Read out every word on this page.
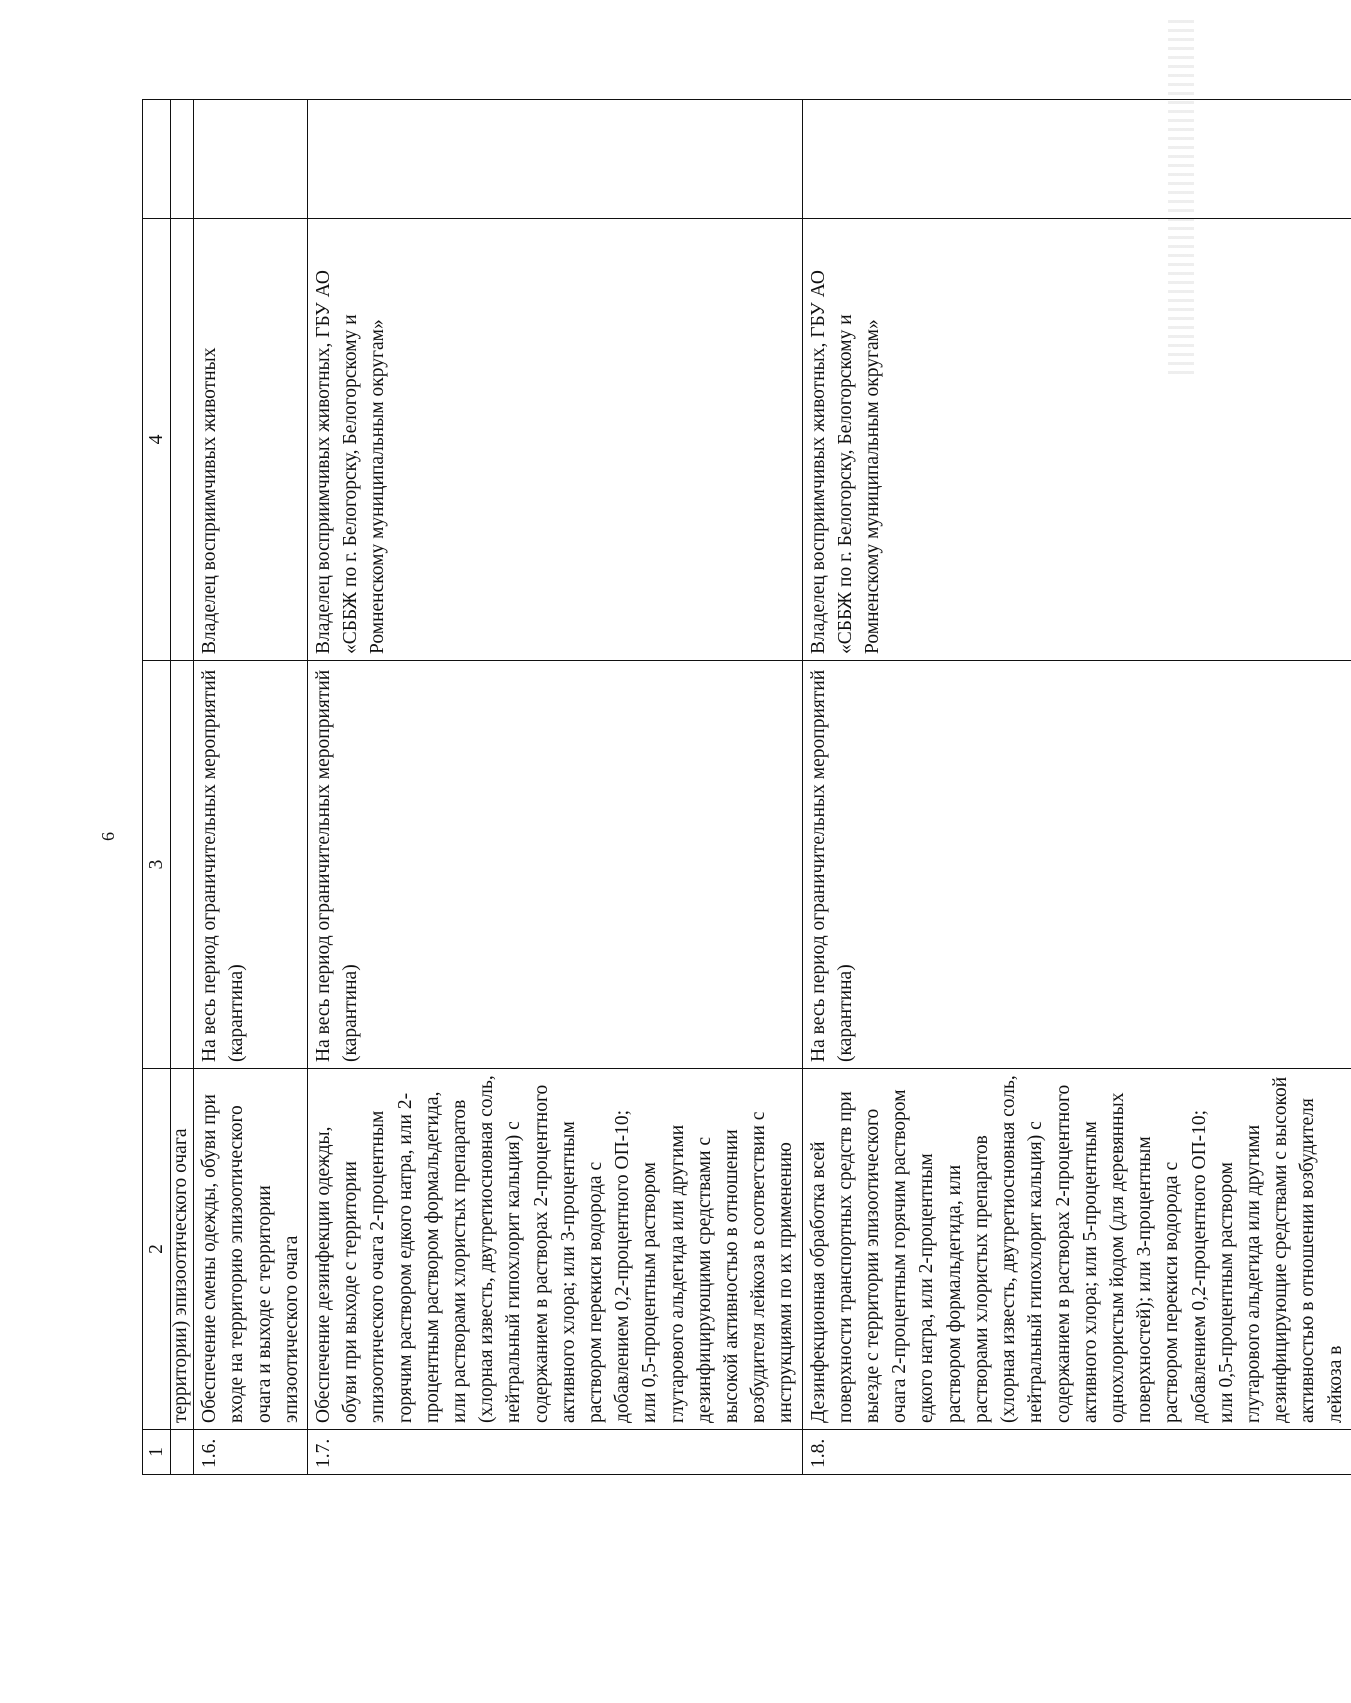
6
1	2	3	4	
	территории) эпизоотического очага			
1.6.	Обеспечение смены одежды, обуви при входе на территорию эпизоотического очага и выходе с территории эпизоотического очага	На весь период ограничительных мероприятий (карантина)	Владелец восприимчивых животных	
1.7.	Обеспечение дезинфекции одежды, обуви при выходе с территории эпизоотического очага 2-процентным горячим раствором едкого натра, или 2-процентным раствором формальдегида, или растворами хлористых препаратов (хлорная известь, двутретиосновная соль, нейтральный гипохлорит кальция) с содержанием в растворах 2-процентного активного хлора; или 3-процентным раствором перекиси водорода с добавлением 0,2-процентного ОП-10; или 0,5-процентным раствором глутарового альдегида или другими дезинфицирующими средствами с высокой активностью в отношении возбудителя лейкоза в соответствии с инструкциями по их применению	На весь период ограничительных мероприятий (карантина)	Владелец восприимчивых животных, ГБУ АО «СББЖ по г. Белогорску, Белогорскому и Ромненскому муниципальным округам»	
1.8.	Дезинфекционная обработка всей поверхности транспортных средств при выезде с территории эпизоотического очага 2-процентным горячим раствором едкого натра, или 2-процентным раствором формальдегида, или растворами хлористых препаратов (хлорная известь, двутретиосновная соль, нейтральный гипохлорит кальция) с содержанием в растворах 2-процентного активного хлора; или 5-процентным однохлористым йодом (для деревянных поверхностей); или 3-процентным раствором перекиси водорода с добавлением 0,2-процентного ОП-10; или 0,5-процентным раствором глутарового альдегида или другими дезинфицирующие средствами с высокой активностью в отношении возбудителя лейкоза в	На весь период ограничительных мероприятий (карантина)	Владелец восприимчивых животных, ГБУ АО «СББЖ по г. Белогорску, Белогорскому и Ромненскому муниципальным округам»	
